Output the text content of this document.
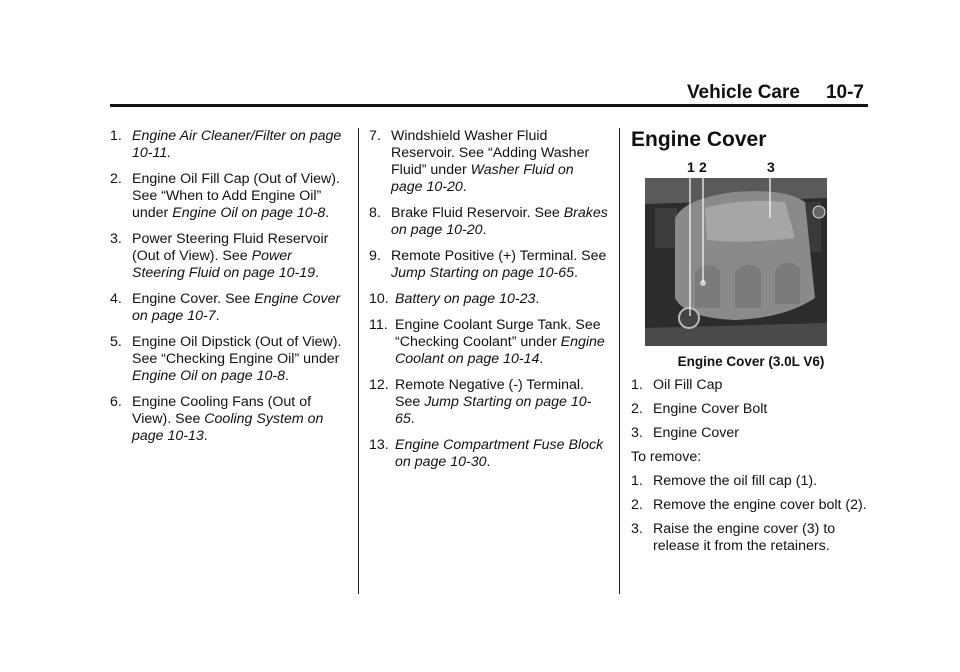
Vehicle Care 10-7
1. Engine Air Cleaner/Filter on page 10-11.
2. Engine Oil Fill Cap (Out of View). See “When to Add Engine Oil” under Engine Oil on page 10-8.
3. Power Steering Fluid Reservoir (Out of View). See Power Steering Fluid on page 10-19.
4. Engine Cover. See Engine Cover on page 10-7.
5. Engine Oil Dipstick (Out of View). See “Checking Engine Oil” under Engine Oil on page 10-8.
6. Engine Cooling Fans (Out of View). See Cooling System on page 10-13.
7. Windshield Washer Fluid Reservoir. See “Adding Washer Fluid” under Washer Fluid on page 10-20.
8. Brake Fluid Reservoir. See Brakes on page 10-20.
9. Remote Positive (+) Terminal. See Jump Starting on page 10-65.
10. Battery on page 10-23.
11. Engine Coolant Surge Tank. See “Checking Coolant” under Engine Coolant on page 10-14.
12. Remote Negative (-) Terminal. See Jump Starting on page 10-65.
13. Engine Compartment Fuse Block on page 10-30.
Engine Cover
1 2	3
Engine Cover (3.0L V6)
1. Oil Fill Cap
2. Engine Cover Bolt
3. Engine Cover
To remove:
1. Remove the oil fill cap (1).
2. Remove the engine cover bolt (2).
3. Raise the engine cover (3) to release it from the retainers.
